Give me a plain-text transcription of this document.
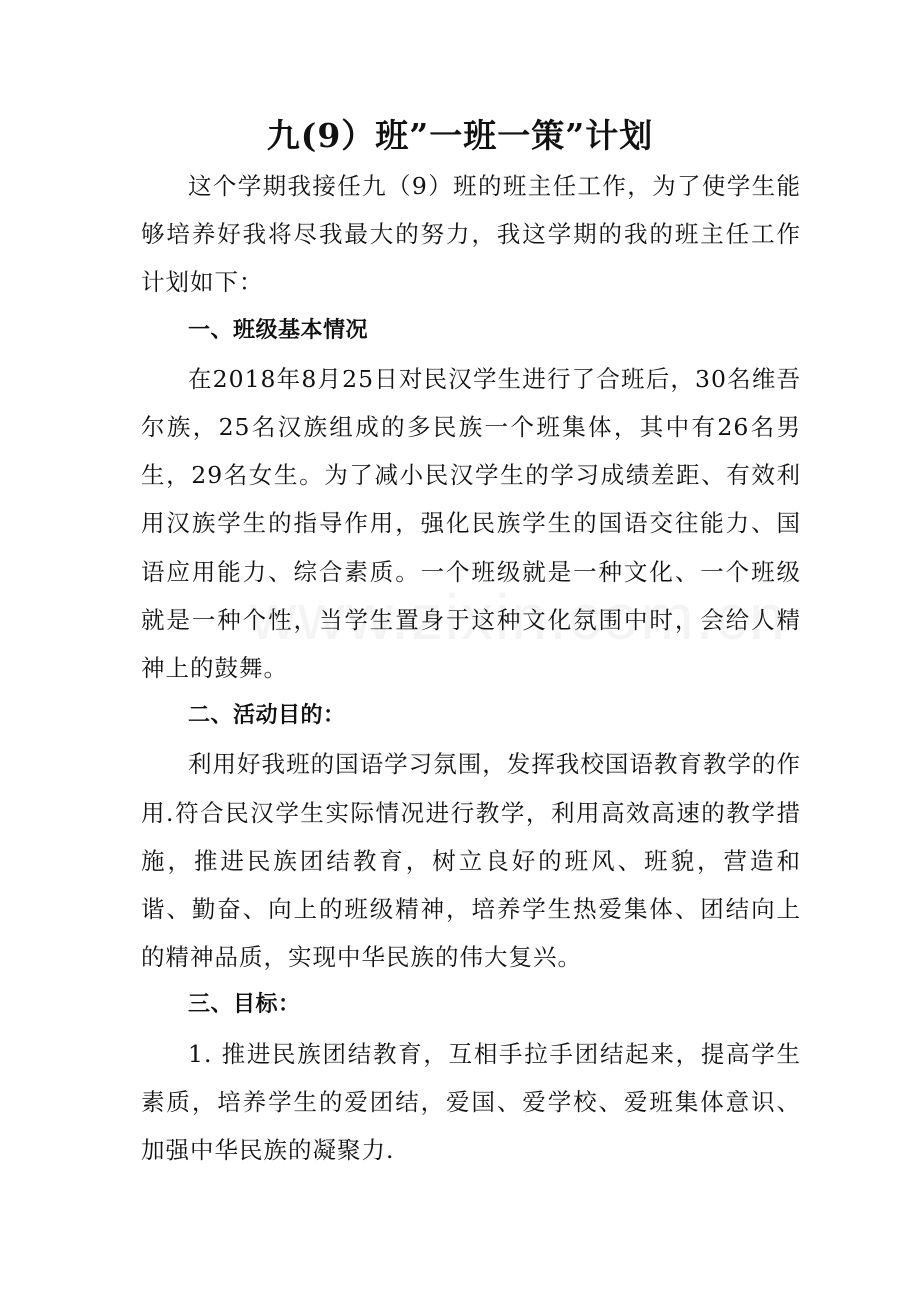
九(9）班”一班一策”计划

这个学期我接任九（9）班的班主任工作，为了使学生能够培养好我将尽我最大的努力，我这学期的我的班主任工作计划如下：

一、班级基本情况

在2018年8月25日对民汉学生进行了合班后，30名维吾尔族，25名汉族组成的多民族一个班集体，其中有26名男生，29名女生。为了减小民汉学生的学习成绩差距、有效利用汉族学生的指导作用，强化民族学生的国语交往能力、国语应用能力、综合素质。一个班级就是一种文化、一个班级就是一种个性，当学生置身于这种文化氛围中时，会给人精神上的鼓舞。

二、活动目的：

利用好我班的国语学习氛围，发挥我校国语教育教学的作用.符合民汉学生实际情况进行教学，利用高效高速的教学措施，推进民族团结教育，树立良好的班风、班貌，营造和谐、勤奋、向上的班级精神，培养学生热爱集体、团结向上的精神品质，实现中华民族的伟大复兴。

三、目标：

1. 推进民族团结教育，互相手拉手团结起来，提高学生素质，培养学生的爱团结，爱国、爱学校、爱班集体意识、加强中华民族的凝聚力.
